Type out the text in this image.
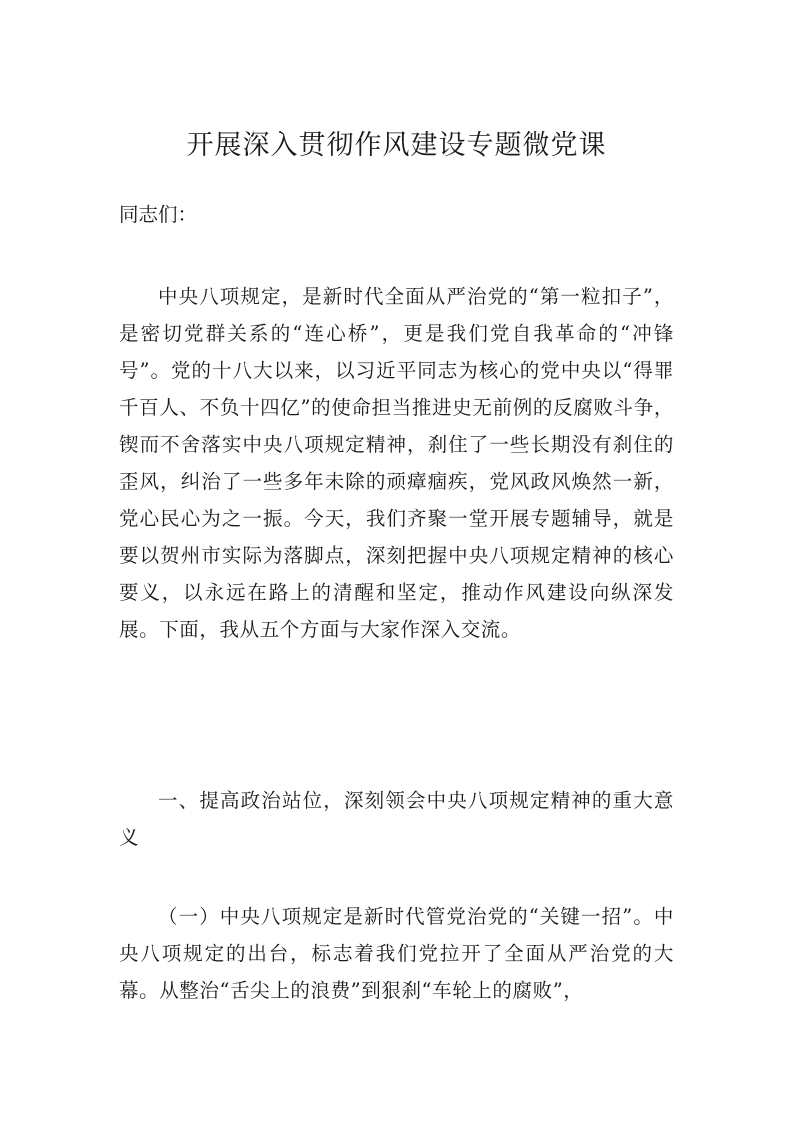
开展深入贯彻作风建设专题微党课

同志们：

中央八项规定，是新时代全面从严治党的“第一粒扣子”，是密切党群关系的“连心桥”，更是我们党自我革命的“冲锋号”。党的十八大以来，以习近平同志为核心的党中央以“得罪千百人、不负十四亿”的使命担当推进史无前例的反腐败斗争，锲而不舍落实中央八项规定精神，刹住了一些长期没有刹住的歪风，纠治了一些多年未除的顽瘴痼疾，党风政风焕然一新，党心民心为之一振。今天，我们齐聚一堂开展专题辅导，就是要以贺州市实际为落脚点，深刻把握中央八项规定精神的核心要义，以永远在路上的清醒和坚定，推动作风建设向纵深发展。下面，我从五个方面与大家作深入交流。

一、提高政治站位，深刻领会中央八项规定精神的重大意义

（一）中央八项规定是新时代管党治党的“关键一招”。中央八项规定的出台，标志着我们党拉开了全面从严治党的大幕。从整治“舌尖上的浪费”到狠刹“车轮上的腐败”，
